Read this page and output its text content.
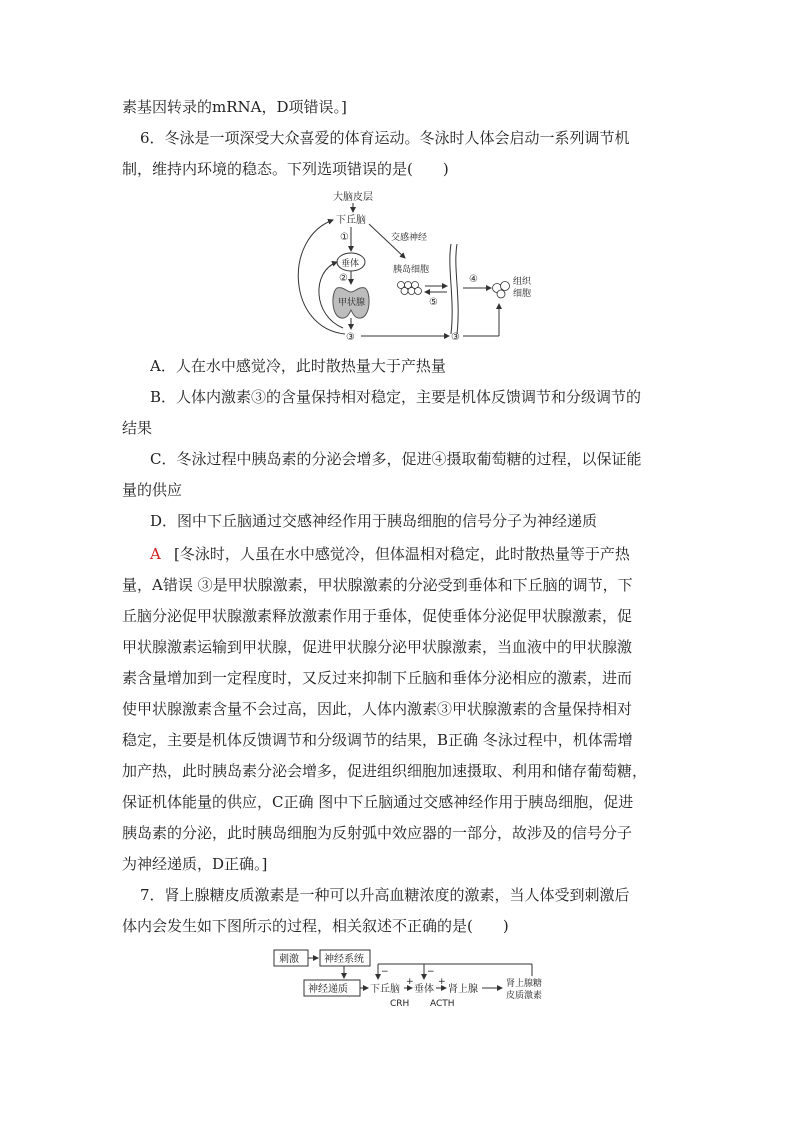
素基因转录的mRNA，D项错误。]
6．冬泳是一项深受大众喜爱的体育运动。冬泳时人体会启动一系列调节机
制，维持内环境的稳态。下列选项错误的是(　　)
大脑皮层
下丘脑
①
垂体
②
甲状腺
③	③
交感神经
胰岛细胞
⑤
④	组织
细胞
A．人在水中感觉冷，此时散热量大于产热量
B．人体内激素③的含量保持相对稳定，主要是机体反馈调节和分级调节的
结果
C．冬泳过程中胰岛素的分泌会增多，促进④摄取葡萄糖的过程，以保证能
量的供应
D．图中下丘脑通过交感神经作用于胰岛细胞的信号分子为神经递质
A [冬泳时，人虽在水中感觉冷，但体温相对稳定，此时散热量等于产热
量，A错误 ③是甲状腺激素，甲状腺激素的分泌受到垂体和下丘脑的调节，下
丘脑分泌促甲状腺激素释放激素作用于垂体，促使垂体分泌促甲状腺激素，促
甲状腺激素运输到甲状腺，促进甲状腺分泌甲状腺激素，当血液中的甲状腺激
素含量增加到一定程度时，又反过来抑制下丘脑和垂体分泌相应的激素，进而
使甲状腺激素含量不会过高，因此，人体内激素③甲状腺激素的含量保持相对
稳定，主要是机体反馈调节和分级调节的结果，B正确 冬泳过程中，机体需增
加产热，此时胰岛素分泌会增多，促进组织细胞加速摄取、利用和储存葡萄糖，
保证机体能量的供应，C正确 图中下丘脑通过交感神经作用于胰岛细胞，促进
胰岛素的分泌，此时胰岛细胞为反射弧中效应器的一部分，故涉及的信号分子
为神经递质，D正确。]
7．肾上腺糖皮质激素是一种可以升高血糖浓度的激素，当人体受到刺激后
体内会发生如下图所示的过程，相关叙述不正确的是(　　)
刺激	神经系统
神经递质 下丘脑
CRH
垂体
ACTH
肾上腺	肾上腺糖
皮质激素
−	−
+	+
